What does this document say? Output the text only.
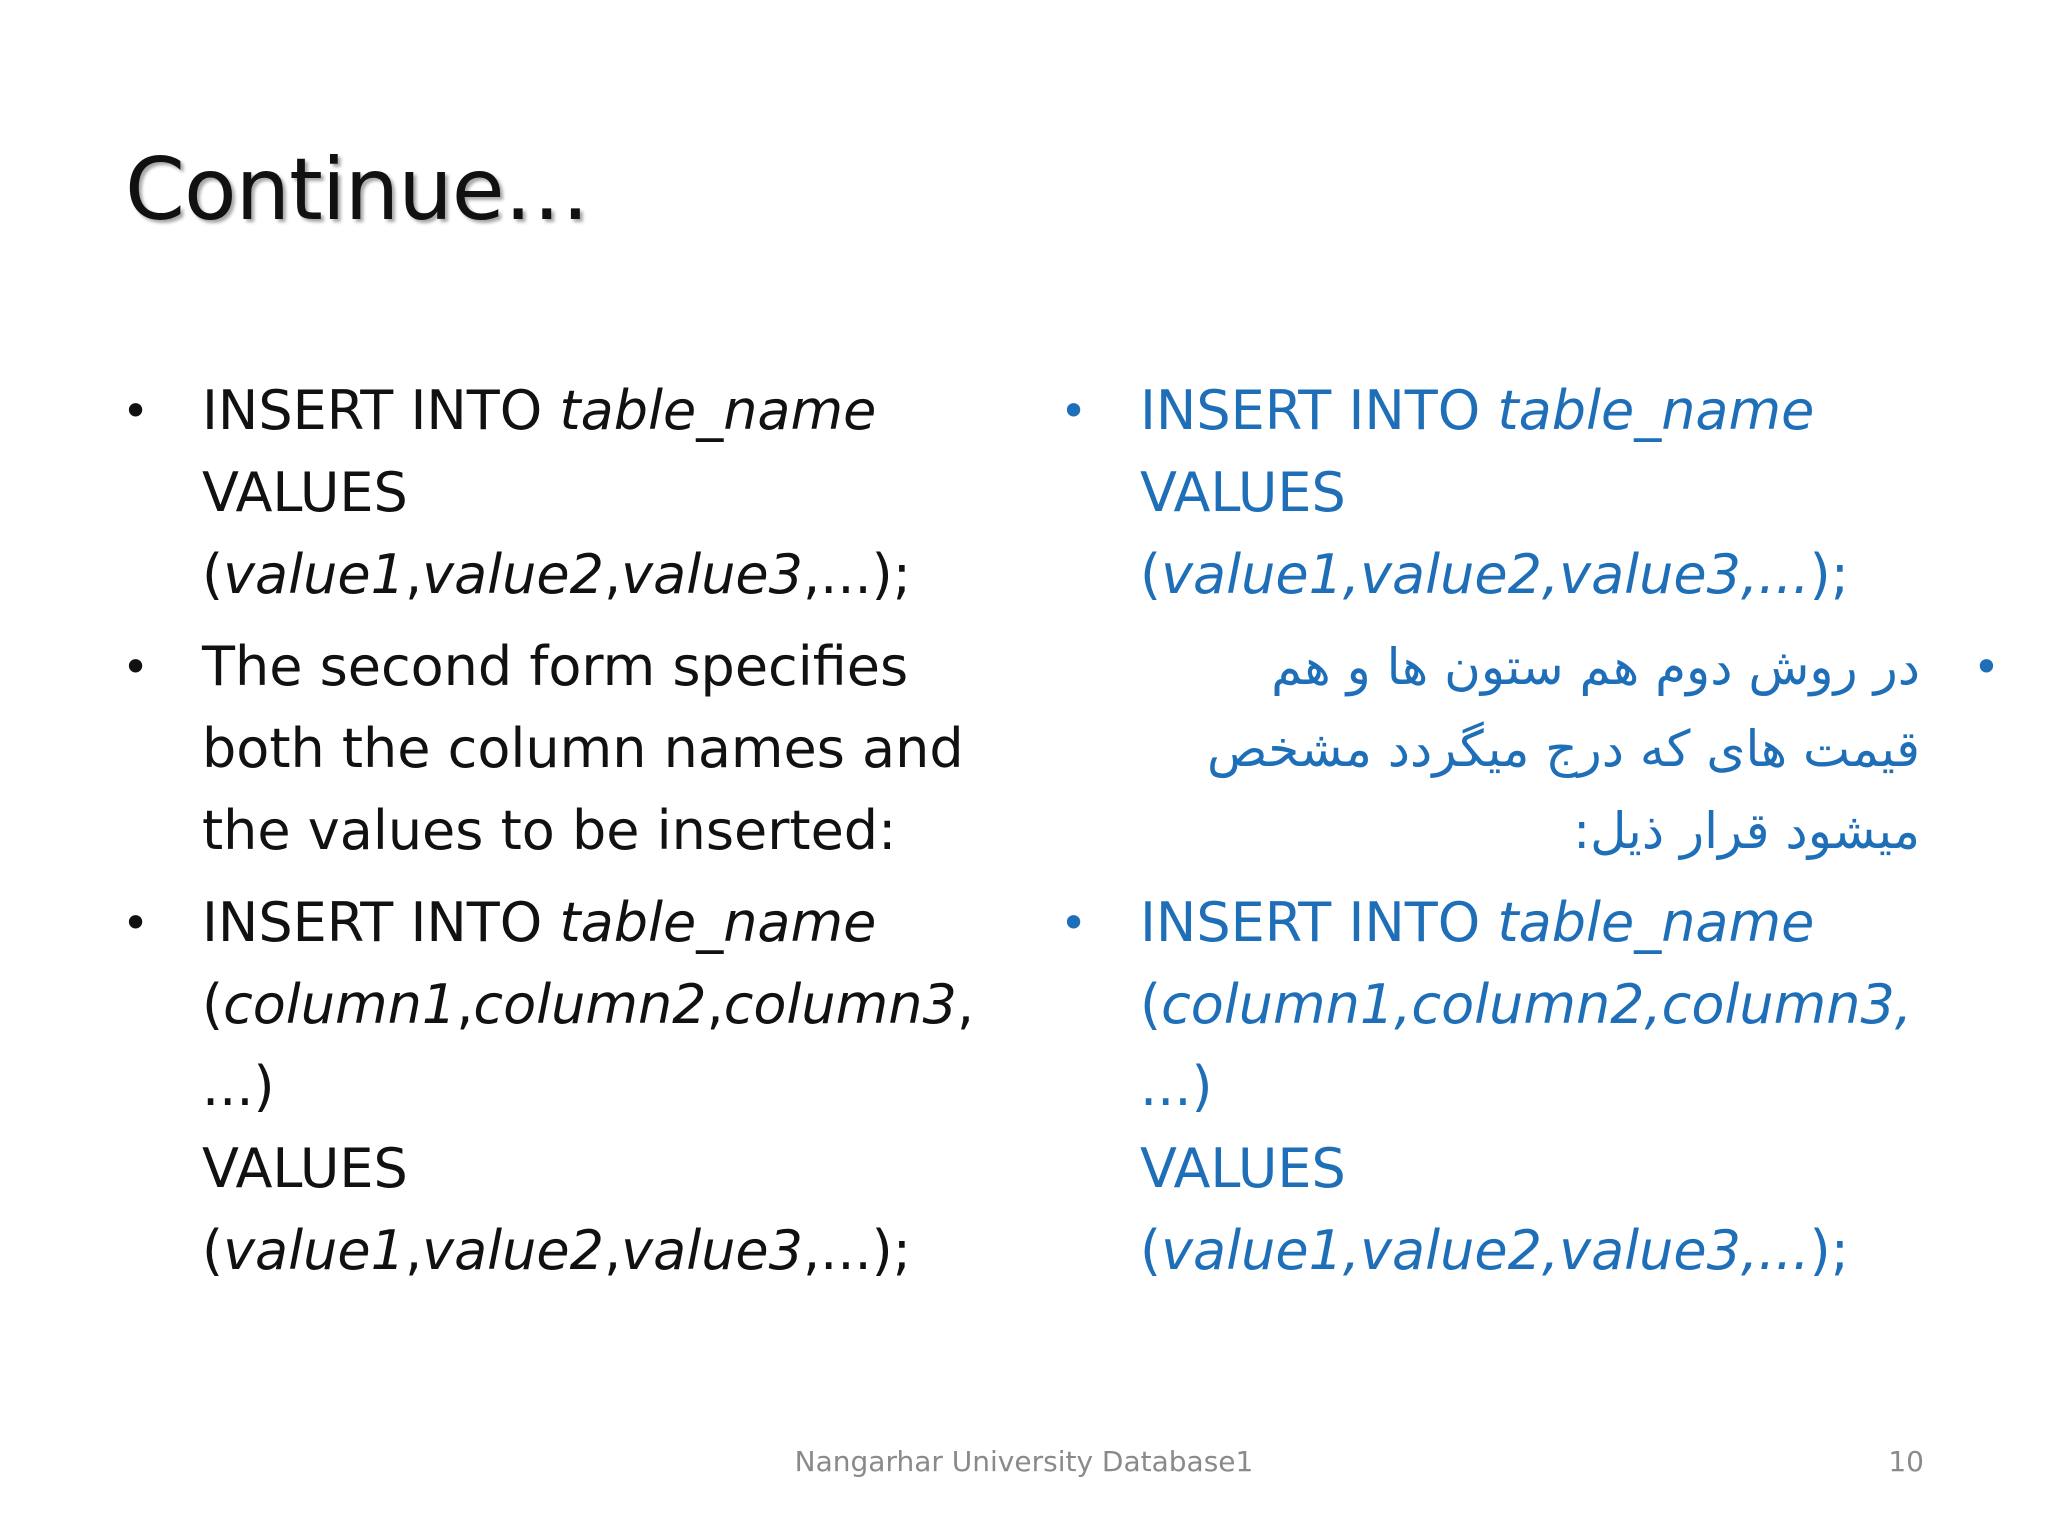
Continue…
• INSERT INTO table_name
VALUES
(value1,value2,value3,...);
• The second form specifies
both the column names and
the values to be inserted:
• INSERT INTO table_name
(column1,column2,column3,
...)
VALUES
(value1,value2,value3,...);
• INSERT INTO table_name
VALUES
(value1,value2,value3,...);
•
در روش دوم هم ستون ها و هم
قیمت های که درج میگردد مشخص
میشود قرار ذیل:
• INSERT INTO table_name
(column1,column2,column3,
...)
VALUES
(value1,value2,value3,...);
Nangarhar University Database1	10
